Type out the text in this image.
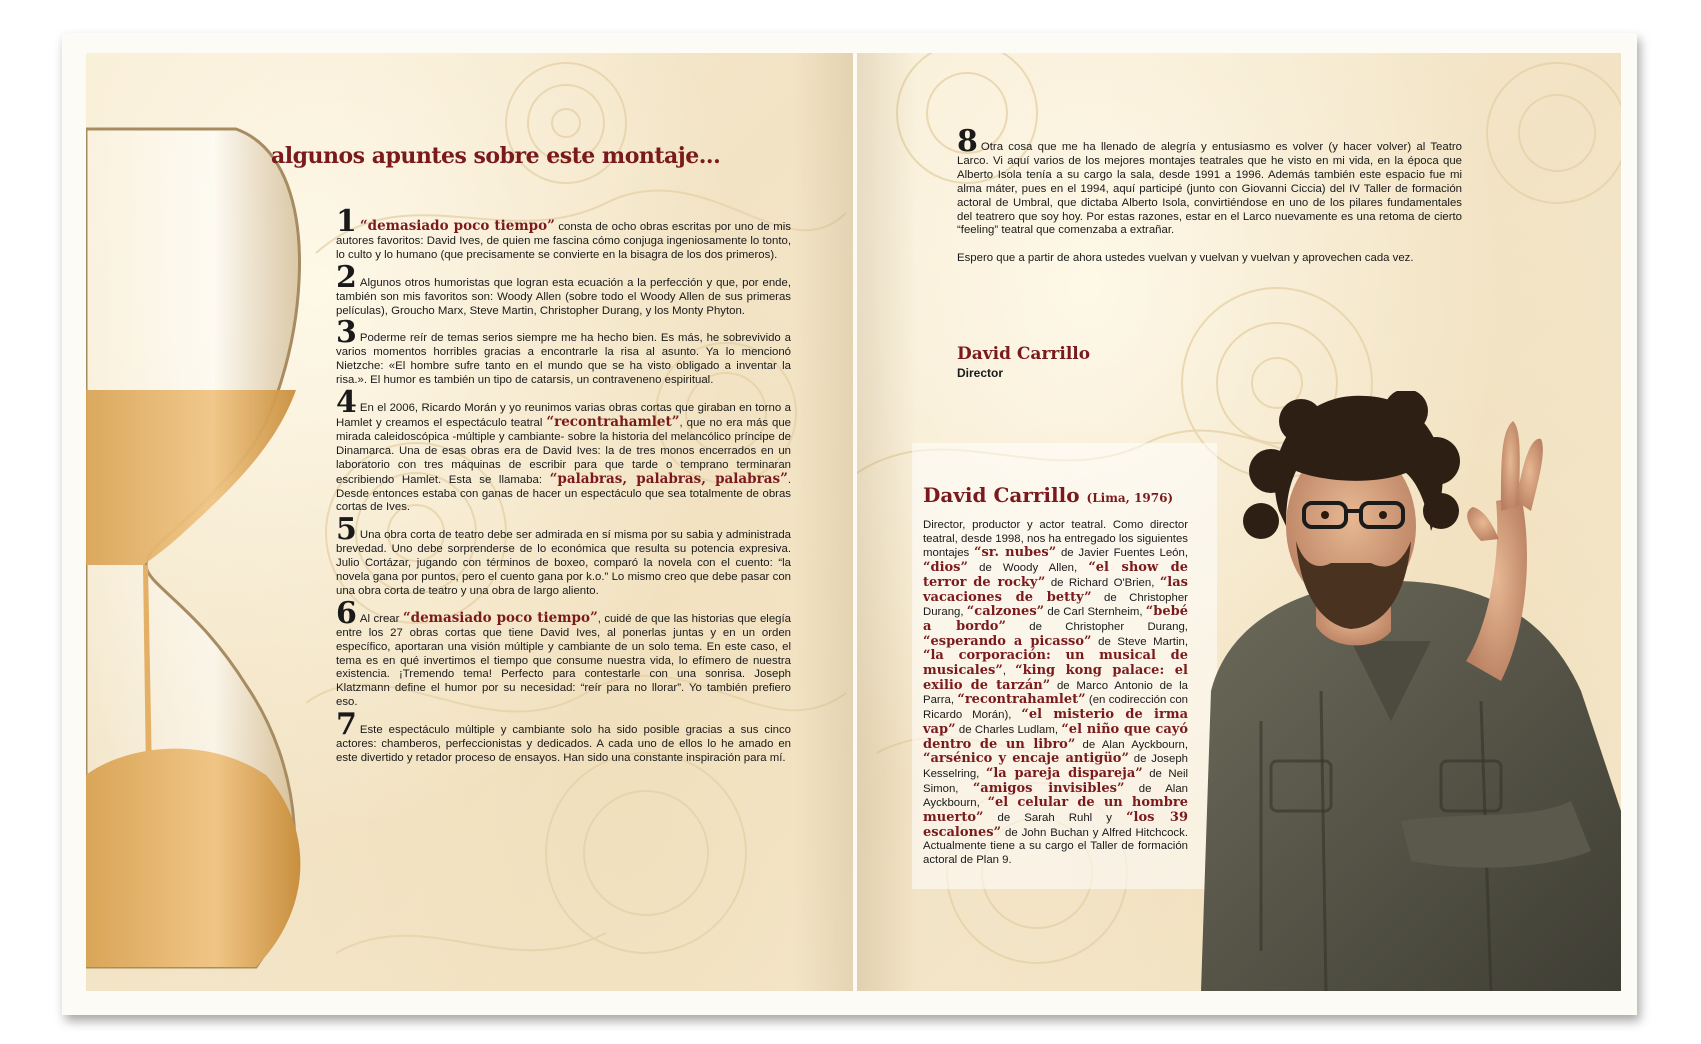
algunos apuntes sobre este montaje...

1 “demasiado poco tiempo” consta de ocho obras escritas por uno de mis autores favoritos: David Ives, de quien me fascina cómo conjuga ingeniosamente lo tonto, lo culto y lo humano (que precisamente se convierte en la bisagra de los dos primeros).

2 Algunos otros humoristas que logran esta ecuación a la perfección y que, por ende, también son mis favoritos son: Woody Allen (sobre todo el Woody Allen de sus primeras películas), Groucho Marx, Steve Martin, Christopher Durang, y los Monty Phyton.

3 Poderme reír de temas serios siempre me ha hecho bien. Es más, he sobrevivido a varios momentos horribles gracias a encontrarle la risa al asunto. Ya lo mencionó Nietzche: «El hombre sufre tanto en el mundo que se ha visto obligado a inventar la risa.». El humor es también un tipo de catarsis, un contraveneno espiritual.

4 En el 2006, Ricardo Morán y yo reunimos varias obras cortas que giraban en torno a Hamlet y creamos el espectáculo teatral “recontrahamlet”, que no era más que mirada caleidoscópica -múltiple y cambiante- sobre la historia del melancólico príncipe de Dinamarca. Una de esas obras era de David Ives: la de tres monos encerrados en un laboratorio con tres máquinas de escribir para que tarde o temprano terminaran escribiendo Hamlet. Esta se llamaba: “palabras, palabras, palabras”. Desde entonces estaba con ganas de hacer un espectáculo que sea totalmente de obras cortas de Ives.

5 Una obra corta de teatro debe ser admirada en sí misma por su sabia y administrada brevedad. Uno debe sorprenderse de lo económica que resulta su potencia expresiva. Julio Cortázar, jugando con términos de boxeo, comparó la novela con el cuento: “la novela gana por puntos, pero el cuento gana por k.o.” Lo mismo creo que debe pasar con una obra corta de teatro y una obra de largo aliento.

6 Al crear “demasiado poco tiempo”, cuidé de que las historias que elegía entre los 27 obras cortas que tiene David Ives, al ponerlas juntas y en un orden específico, aportaran una visión múltiple y cambiante de un solo tema. En este caso, el tema es en qué invertimos el tiempo que consume nuestra vida, lo efímero de nuestra existencia. ¡Tremendo tema! Perfecto para contestarle con una sonrisa. Joseph Klatzmann define el humor por su necesidad: “reír para no llorar”. Yo también prefiero eso.

7 Este espectáculo múltiple y cambiante solo ha sido posible gracias a sus cinco actores: chamberos, perfeccionistas y dedicados. A cada uno de ellos lo he amado en este divertido y retador proceso de ensayos. Han sido una constante inspiración para mí.

8 Otra cosa que me ha llenado de alegría y entusiasmo es volver (y hacer volver) al Teatro Larco. Vi aquí varios de los mejores montajes teatrales que he visto en mi vida, en la época que Alberto Isola tenía a su cargo la sala, desde 1991 a 1996. Además también este espacio fue mi alma máter, pues en el 1994, aquí participé (junto con Giovanni Ciccia) del IV Taller de formación actoral de Umbral, que dictaba Alberto Isola, convirtiéndose en uno de los pilares fundamentales del teatrero que soy hoy. Por estas razones, estar en el Larco nuevamente es una retoma de cierto “feeling” teatral que comenzaba a extrañar.

Espero que a partir de ahora ustedes vuelvan y vuelvan y vuelvan y aprovechen cada vez.

David Carrillo
Director
David Carrillo (Lima, 1976)
Director, productor y actor teatral. Como director teatral, desde 1998, nos ha entregado los siguientes montajes “sr. nubes” de Javier Fuentes León, “dios” de Woody Allen, “el show de terror de rocky” de Richard O'Brien, “las vacaciones de betty” de Christopher Durang, “calzones” de Carl Sternheim, “bebé a bordo” de Christopher Durang, “esperando a picasso” de Steve Martin, “la corporación: un musical de musicales”, “king kong palace: el exilio de tarzán” de Marco Antonio de la Parra, “recontrahamlet” (en codirección con Ricardo Morán), “el misterio de irma vap” de Charles Ludlam, “el niño que cayó dentro de un libro” de Alan Ayckbourn, “arsénico y encaje antigüo” de Joseph Kesselring, “la pareja dispareja” de Neil Simon, “amigos invisibles” de Alan Ayckbourn, “el celular de un hombre muerto” de Sarah Ruhl y “los 39 escalones” de John Buchan y Alfred Hitchcock. Actualmente tiene a su cargo el Taller de formación actoral de Plan 9.
